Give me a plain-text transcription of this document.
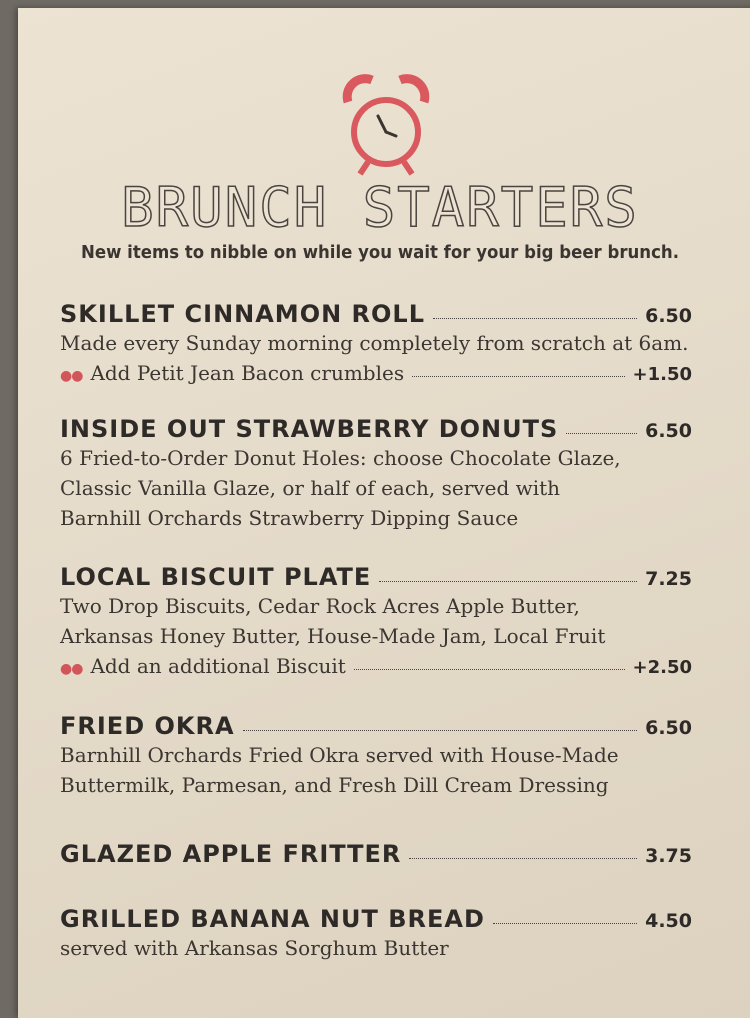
BRUNCH STARTERS
New items to nibble on while you wait for your big beer brunch.
SKILLET CINNAMON ROLL	6.50
Made every Sunday morning completely from scratch at 6am.
●● Add Petit Jean Bacon crumbles	+1.50
INSIDE OUT STRAWBERRY DONUTS	6.50
6 Fried-to-Order Donut Holes: choose Chocolate Glaze,
Classic Vanilla Glaze, or half of each, served with
Barnhill Orchards Strawberry Dipping Sauce
LOCAL BISCUIT PLATE	7.25
Two Drop Biscuits, Cedar Rock Acres Apple Butter,
Arkansas Honey Butter, House-Made Jam, Local Fruit
●● Add an additional Biscuit	+2.50
FRIED OKRA	6.50
Barnhill Orchards Fried Okra served with House-Made
Buttermilk, Parmesan, and Fresh Dill Cream Dressing
GLAZED APPLE FRITTER	3.75
GRILLED BANANA NUT BREAD	4.50
served with Arkansas Sorghum Butter
